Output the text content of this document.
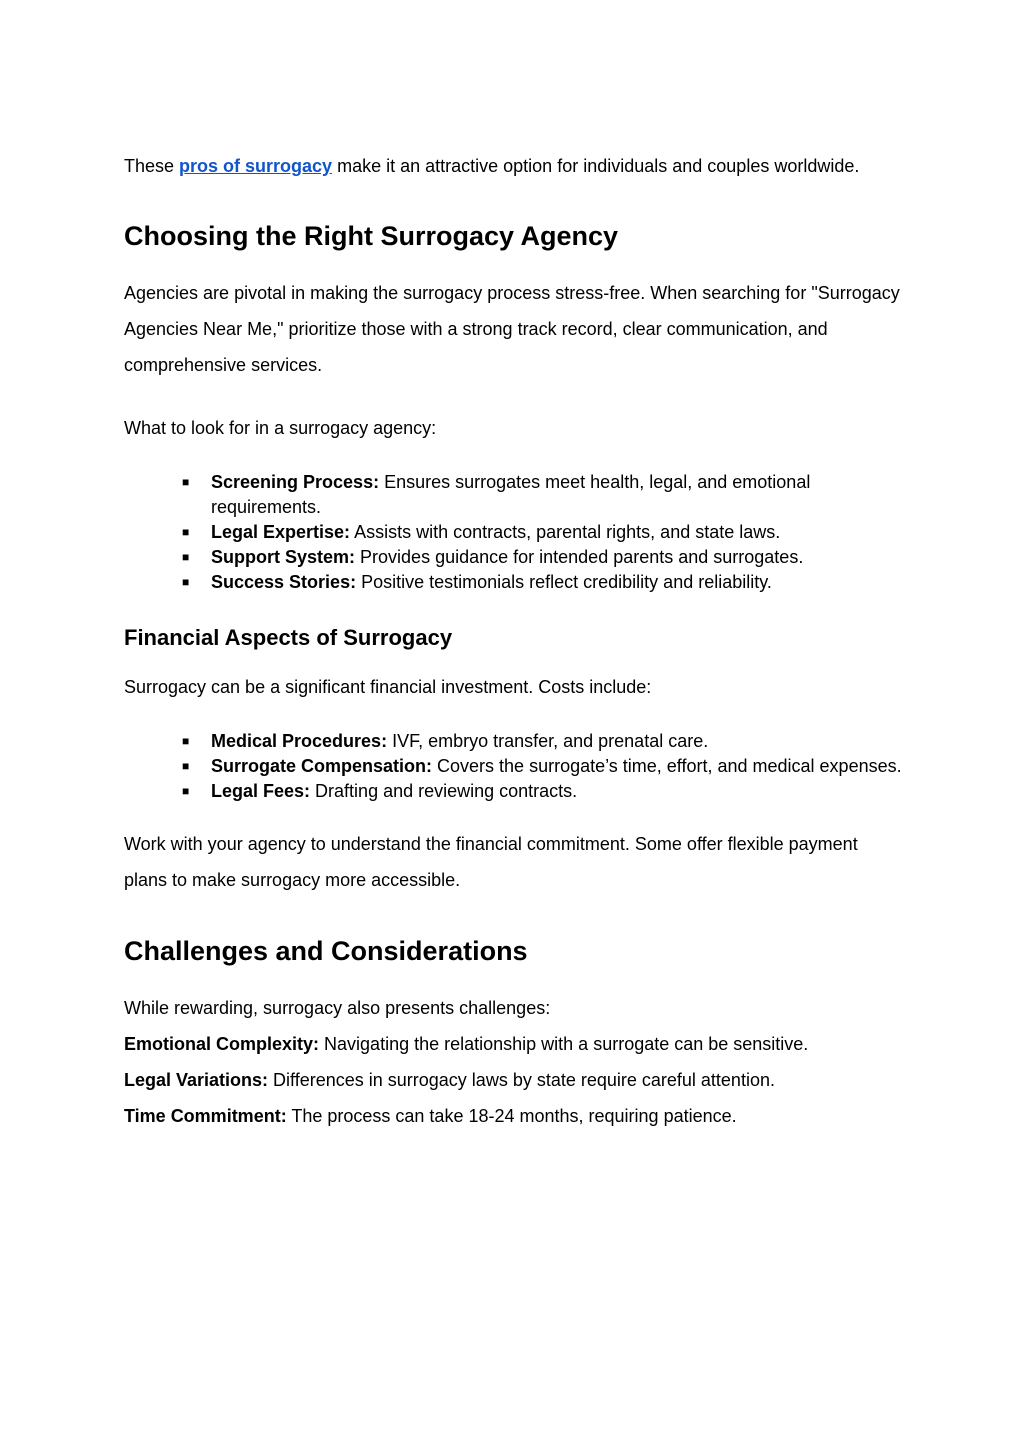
These pros of surrogacy make it an attractive option for individuals and couples worldwide.

Choosing the Right Surrogacy Agency

Agencies are pivotal in making the surrogacy process stress-free. When searching for "Surrogacy Agencies Near Me," prioritize those with a strong track record, clear communication, and comprehensive services.

What to look for in a surrogacy agency:

■ Screening Process: Ensures surrogates meet health, legal, and emotional requirements.
■ Legal Expertise: Assists with contracts, parental rights, and state laws.
■ Support System: Provides guidance for intended parents and surrogates.
■ Success Stories: Positive testimonials reflect credibility and reliability.
Financial Aspects of Surrogacy

Surrogacy can be a significant financial investment. Costs include:

■ Medical Procedures: IVF, embryo transfer, and prenatal care.
■ Surrogate Compensation: Covers the surrogate’s time, effort, and medical expenses.
■ Legal Fees: Drafting and reviewing contracts.

Work with your agency to understand the financial commitment. Some offer flexible payment plans to make surrogacy more accessible.

Challenges and Considerations

While rewarding, surrogacy also presents challenges:

Emotional Complexity: Navigating the relationship with a surrogate can be sensitive.

Legal Variations: Differences in surrogacy laws by state require careful attention.

Time Commitment: The process can take 18-24 months, requiring patience.
